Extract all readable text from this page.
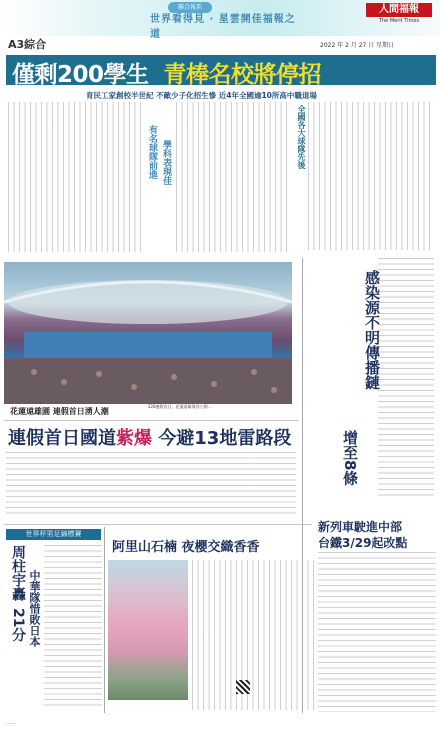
聯合報系
世界看得見 · 星雲開佳福報之道
人間福報
The Merit Times
A3綜合	2022 年 2 月 27 日 星期日
僅剩200學生 青棒名校將停招
育民工家創校半世紀 不敵少子化招生慘 近4年全國逾10所高中職退場
全國各大球隊先後
有名球隊前進 學科表現佳
花蓮遠雄園 連假首日湧人潮
228連假首日，花蓮遠雄海洋公園 ...
連假首日國道紫爆 今避13地雷路段
感染源不明傳播鏈
增至8條
新列車駛進中部
台鐵3/29起改點
阿里山石楠 夜櫻交織香香
世界杯男足錦標賽
周柱宇轟
21分 中華隊惜敗日本
……
